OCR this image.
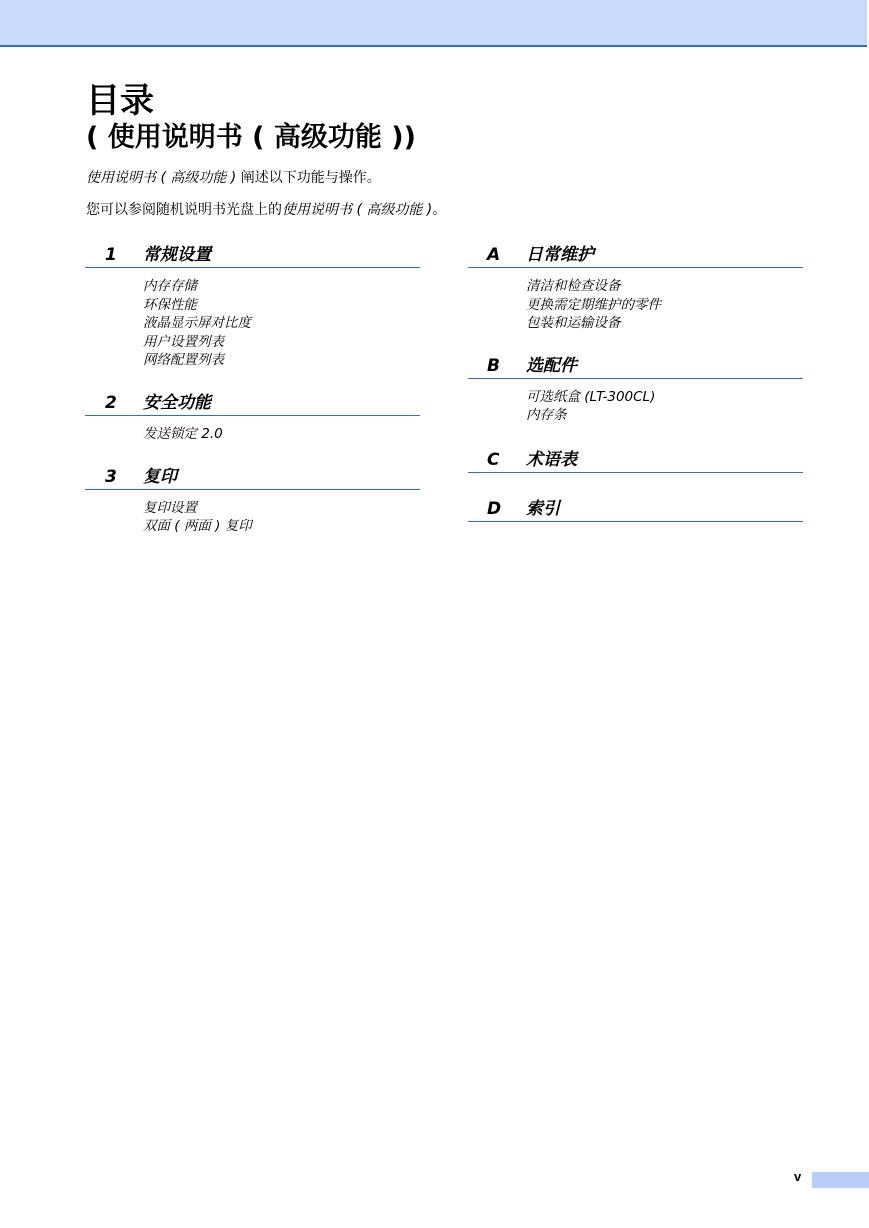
目录
( 使用说明书 ( 高级功能 ))

使用说明书 ( 高级功能 ) 阐述以下功能与操作。

您可以参阅随机说明书光盘上的使用说明书 ( 高级功能 )。

1 常规设置
内存存储
环保性能
液晶显示屏对比度
用户设置列表
网络配置列表
2 安全功能
发送锁定 2.0
3 复印
复印设置
双面 ( 两面 ) 复印
A 日常维护
清洁和检查设备
更换需定期维护的零件
包装和运输设备
B 选配件
可选纸盒 (LT-300CL)
内存条
C 术语表
D 索引
v
